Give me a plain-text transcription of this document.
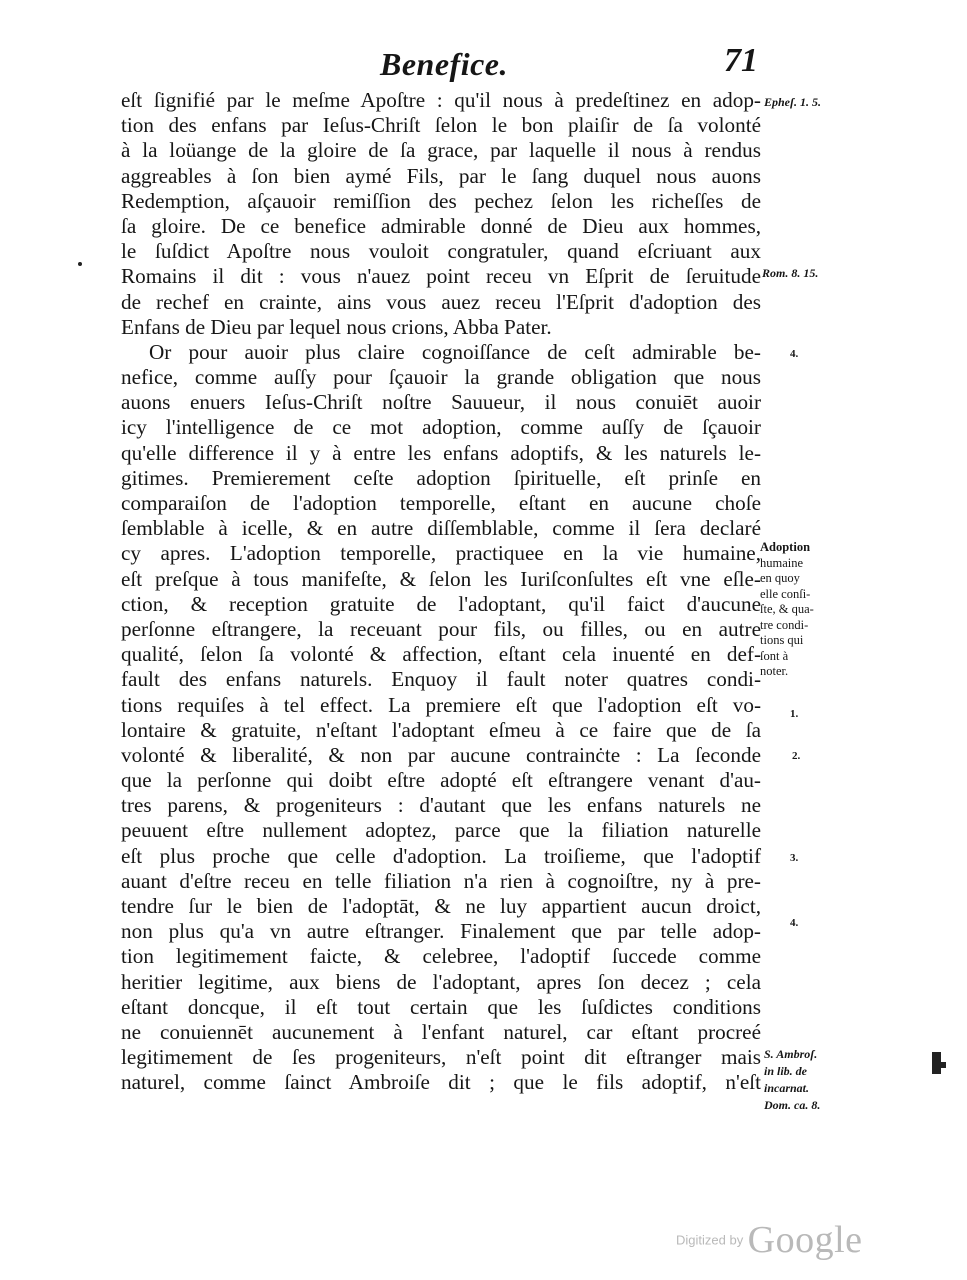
Benefice.	71
eſt ſignifié par le meſme Apoſtre : qu'il nous à predeſtinez en adop-
tion des enfans par Ieſus-Chriſt ſelon le bon plaiſir de ſa volonté
à la loüange de la gloire de ſa grace, par laquelle il nous à rendus
aggreables à ſon bien aymé Fils, par le ſang duquel nous auons
Redemption, aſçauoir remiſſion des pechez ſelon les richeſſes de
ſa gloire. De ce benefice admirable donné de Dieu aux hommes,
le ſuſdict Apoſtre nous vouloit congratuler, quand eſcriuant aux
Romains il dit : vous n'auez point receu vn Eſprit de ſeruitude
de rechef en crainte, ains vous auez receu l'Eſprit d'adoption des
Enfans de Dieu par lequel nous crions, Abba Pater.
Or pour auoir plus claire cognoiſſance de ceſt admirable be-
nefice, comme auſſy pour ſçauoir la grande obligation que nous
auons enuers Ieſus-Chriſt noſtre Sauueur, il nous conuiēt auoir
icy l'intelligence de ce mot adoption, comme auſſy de ſçauoir
qu'elle difference il y à entre les enfans adoptifs, & les naturels le-
gitimes. Premierement ceſte adoption ſpirituelle, eſt prinſe en
comparaiſon de l'adoption temporelle, eſtant en aucune choſe
ſemblable à icelle, & en autre diſſemblable, comme il ſera declaré
cy apres. L'adoption temporelle, practiquee en la vie humaine,
eſt preſque à tous manifeſte, & ſelon les Iuriſconſultes eſt vne eſle-
ction, & reception gratuite de l'adoptant, qu'il faict d'aucune
perſonne eſtrangere, la receuant pour fils, ou filles, ou en autre
qualité, ſelon ſa volonté & affection, eſtant cela inuenté en def-
fault des enfans naturels. Enquoy il fault noter quatres condi-
tions requiſes à tel effect. La premiere eſt que l'adoption eſt vo-
lontaire & gratuite, n'eſtant l'adoptant eſmeu à ce faire que de ſa
volonté & liberalité, & non par aucune contrainċte : La ſeconde
que la perſonne qui doibt eſtre adopté eſt eſtrangere venant d'au-
tres parens, & progeniteurs : d'autant que les enfans naturels ne
peuuent eſtre nullement adoptez, parce que la filiation naturelle
eſt plus proche que celle d'adoption. La troiſieme, que l'adoptif
auant d'eſtre receu en telle filiation n'a rien à cognoiſtre, ny à pre-
tendre ſur le bien de l'adoptāt, & ne luy appartient aucun droict,
non plus qu'a vn autre eſtranger. Finalement que par telle adop-
tion legitimement faicte, & celebree, l'adoptif ſuccede comme
heritier legitime, aux biens de l'adoptant, apres ſon decez ; cela
eſtant doncque, il eſt tout certain que les ſuſdictes conditions
ne conuiennēt aucunement à l'enfant naturel, car eſtant procreé
legitimement de ſes progeniteurs, n'eſt point dit eſtranger mais
naturel, comme ſainct Ambroiſe dit ; que le fils adoptif, n'eſt
Epheſ. 1. 5.
Rom. 8. 15.
4.
Adoption
humaine
en quoy
elle conſi-
ſte, & qua-
tre condi-
tions qui
ſont à
noter.
1.
2.
3.
4.
S. Ambroſ.
in lib. de
incarnat.
Dom. ca. 8.
Digitized by Google
